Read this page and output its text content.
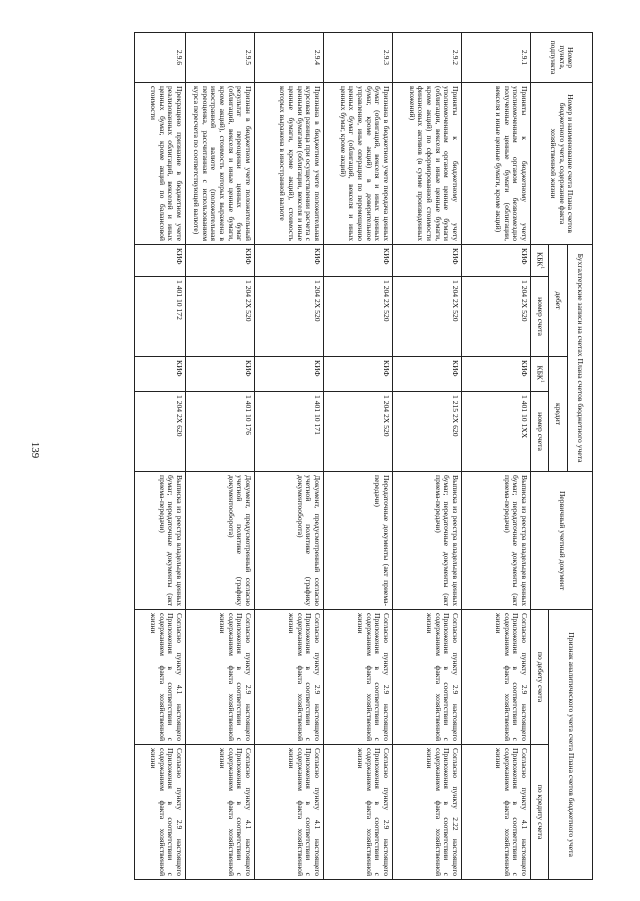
139
Номер пункта, подпункта	Номер и наименование счета Плана счетов бюджетного учета, содержание факта хозяйственной жизни	Бухгалтерские записи на счетах Плана счетов бюджетного учета				Первичный учетный документ	Признак аналитического учета счета Плана счетов бюджетного учета	
		дебет		кредит				
		КБК$^1$	номер счета	КБК$^1$	номер счета		по дебету счета	по кредиту счета
2.9.1	Приняты к бюджетному учету уполномоченным органом безвозмездно полученные ценные бумаги (облигации, векселя и иные ценные бумаги, кроме акций)	КИФ	1 204 2Х 520	КИФ	1 401 10 1ХХ	Выписка из реестра владельцев ценных бумаг; передаточные документы (акт приема-передачи)	Согласно пункту 2.9 настоящего Приложения в соответствии с содержанием факта хозяйственной жизни	Согласно пункту 4.1 настоящего Приложения в соответствии с содержанием факта хозяйственной жизни
2.9.2	Приняты к бюджетному учету уполномоченным органом ценные бумаги (облигации, векселя и иные ценные бумаги, кроме акций) по сформированной стоимости финансовых активов (в сумме произведенных вложений)	КИФ	1 204 2Х 520	КИФ	1 215 2Х 620	Выписка из реестра владельцев ценных бумаг; передаточные документы (акт приема-передачи)	Согласно пункту 2.9 настоящего Приложения в соответствии с содержанием факта хозяйственной жизни	Согласно пункту 2.22 настоящего Приложения в соответствии с содержанием факта хозяйственной жизни
2.9.3	Признана в бюджетном учете передача ценных бумаг (облигаций, векселя и иных ценных бумаг, кроме акций) в доверительное управление, иные операции по перемещению ценных бумаг (облигаций, векселя и иных ценных бумаг, кроме акций)	КИФ	1 204 2Х 520	КИФ	1 204 2Х 520	Передаточные документы (акт приема-передачи)	Согласно пункту 2.9 настоящего Приложения в соответствии с содержанием факта хозяйственной жизни	Согласно пункту 2.9 настоящего Приложения в соответствии с содержанием факта хозяйственной жизни
2.9.4	Признана в бюджетном учете положительная курсовая разница при осуществлении расчета с ценными бумагами (облигации, векселя и иные ценные бумаги, кроме акций), стоимость которых выражена в иностранной валюте	КИФ	1 204 2Х 520	КИФ	1 401 10 171	Документ, предусмотренный согласно учетной политике (графику документооборота)	Согласно пункту 2.9 настоящего Приложения в соответствии с содержанием факта хозяйственной жизни	Согласно пункту 4.1 настоящего Приложения в соответствии с содержанием факта хозяйственной жизни
2.9.5	Признан в бюджетном учете положительный результат переоценки ценных бумаг (облигаций, векселя и иные ценные бумаги, кроме акций), стоимость которых выражена в иностранной валюте (положительная переоценка, рассчитанная с использованием курса пересчета по соответствующей валюте)	КИФ	1 204 2Х 520	КИФ	1 401 10 176	Документ, предусмотренный согласно учетной политике (графику документооборота)	Согласно пункту 2.9 настоящего Приложения в соответствии с содержанием факта хозяйственной жизни	Согласно пункту 4.1 настоящего Приложения в соответствии с содержанием факта хозяйственной жизни
2.9.6	Прекращено признание в бюджетном учете реализованных облигаций, векселей и иных ценных бумаг, кроме акций по балансовой стоимости	КИФ	1 401 10 172	КИФ	1 204 2Х 620	Выписка из реестра владельцев ценных бумаг; передаточные документы (акт приема-передачи)	Согласно пункту 4.1 настоящего Приложения в соответствии с содержанием факта хозяйственной жизни	Согласно пункту 2.9 настоящего Приложения в соответствии с содержанием факта хозяйственной жизни
